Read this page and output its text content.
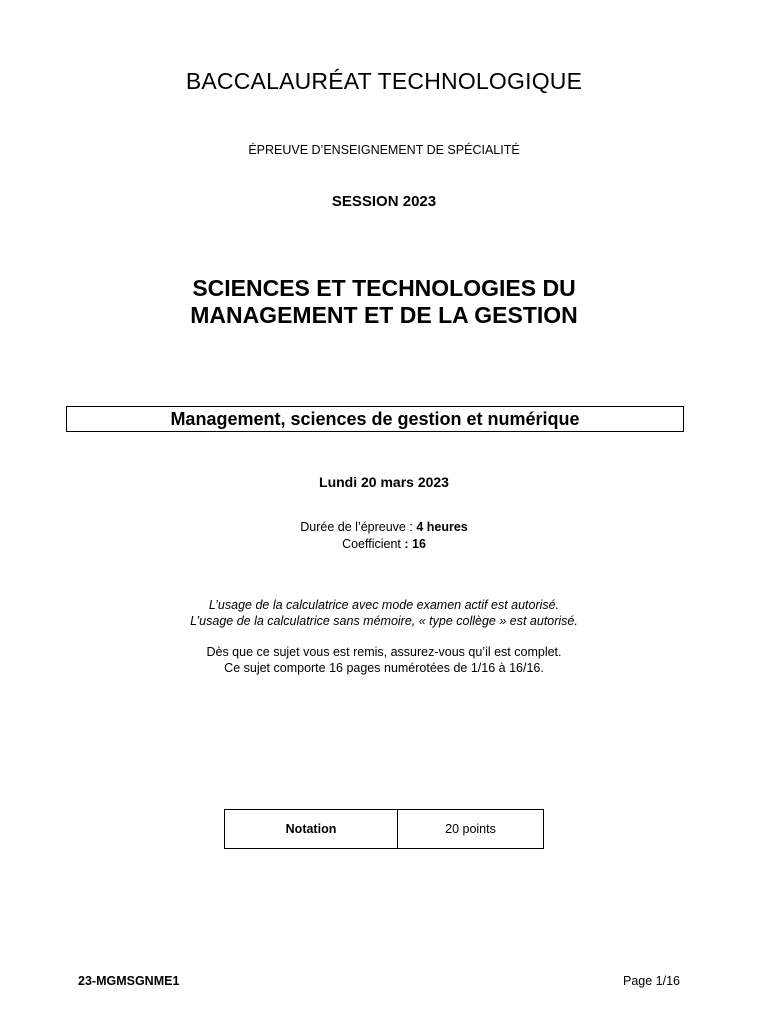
BACCALAURÉAT TECHNOLOGIQUE
ÉPREUVE D’ENSEIGNEMENT DE SPÉCIALITÉ
SESSION 2023
SCIENCES ET TECHNOLOGIES DU
MANAGEMENT ET DE LA GESTION
Management, sciences de gestion et numérique
Lundi 20 mars 2023
Durée de l’épreuve : 4 heures
Coefficient : 16
L’usage de la calculatrice avec mode examen actif est autorisé.
L’usage de la calculatrice sans mémoire, « type collège » est autorisé.
Dès que ce sujet vous est remis, assurez-vous qu’il est complet.
Ce sujet comporte 16 pages numérotées de 1/16 à 16/16.
Notation	20 points
23-MGMSGNME1	Page 1/16
